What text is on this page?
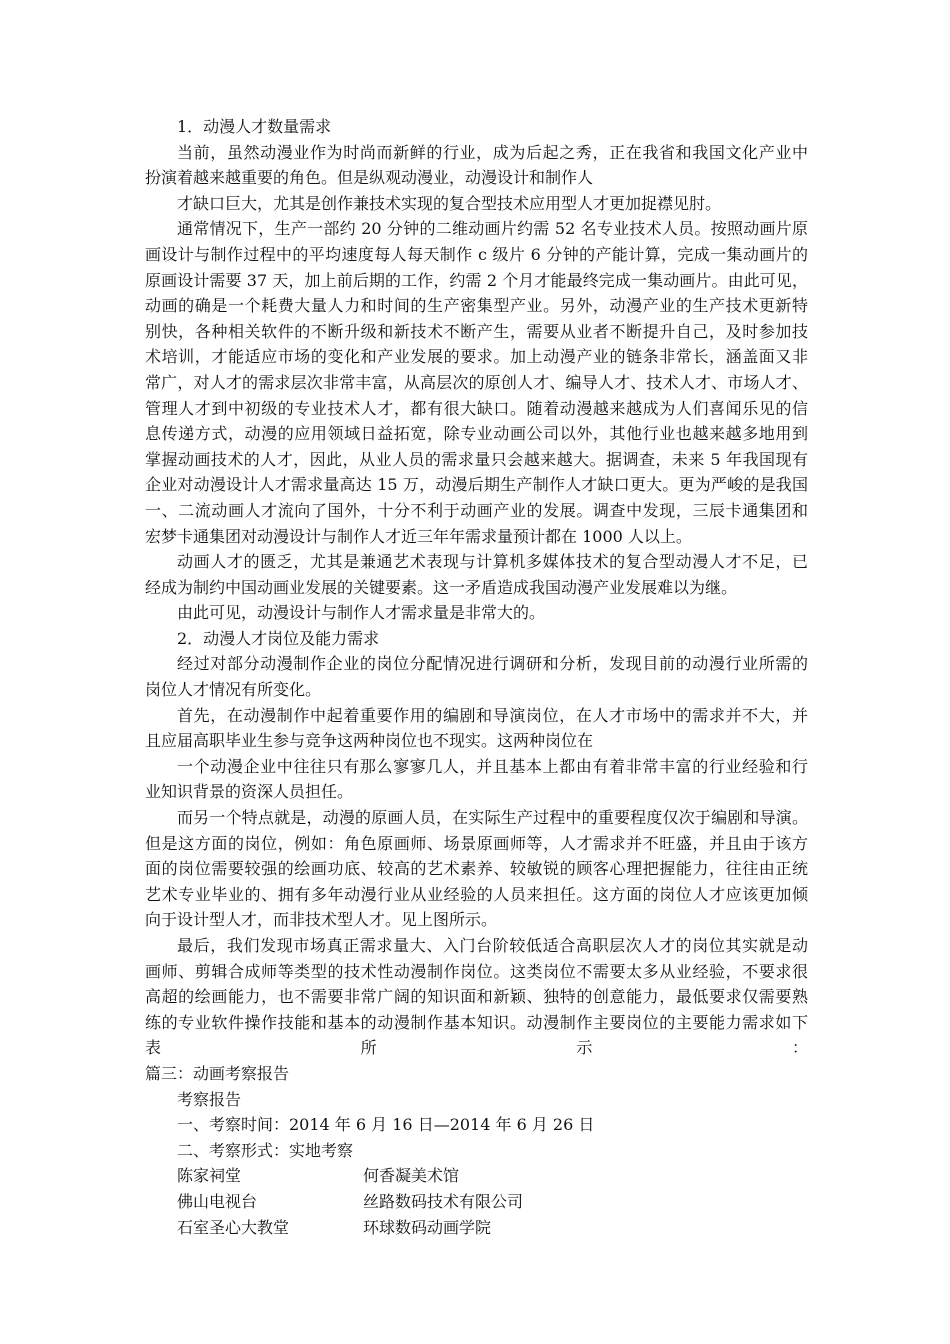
1．动漫人才数量需求
当前，虽然动漫业作为时尚而新鲜的行业，成为后起之秀，正在我省和我国文化产业中
扮演着越来越重要的角色。但是纵观动漫业，动漫设计和制作人
才缺口巨大，尤其是创作兼技术实现的复合型技术应用型人才更加捉襟见肘。
通常情况下，生产一部约 20 分钟的二维动画片约需 52 名专业技术人员。按照动画片原
画设计与制作过程中的平均速度每人每天制作 c 级片 6 分钟的产能计算，完成一集动画片的
原画设计需要 37 天，加上前后期的工作，约需 2 个月才能最终完成一集动画片。由此可见，
动画的确是一个耗费大量人力和时间的生产密集型产业。另外，动漫产业的生产技术更新特
别快，各种相关软件的不断升级和新技术不断产生，需要从业者不断提升自己，及时参加技
术培训，才能适应市场的变化和产业发展的要求。加上动漫产业的链条非常长，涵盖面又非
常广，对人才的需求层次非常丰富，从高层次的原创人才、编导人才、技术人才、市场人才、
管理人才到中初级的专业技术人才，都有很大缺口。随着动漫越来越成为人们喜闻乐见的信
息传递方式，动漫的应用领域日益拓宽，除专业动画公司以外，其他行业也越来越多地用到
掌握动画技术的人才，因此，从业人员的需求量只会越来越大。据调查，未来 5 年我国现有
企业对动漫设计人才需求量高达 15 万，动漫后期生产制作人才缺口更大。更为严峻的是我国
一、二流动画人才流向了国外，十分不利于动画产业的发展。调查中发现，三辰卡通集团和
宏梦卡通集团对动漫设计与制作人才近三年年需求量预计都在 1000 人以上。
动画人才的匮乏，尤其是兼通艺术表现与计算机多媒体技术的复合型动漫人才不足，已
经成为制约中国动画业发展的关键要素。这一矛盾造成我国动漫产业发展难以为继。
由此可见，动漫设计与制作人才需求量是非常大的。
2．动漫人才岗位及能力需求
经过对部分动漫制作企业的岗位分配情况进行调研和分析，发现目前的动漫行业所需的
岗位人才情况有所变化。
首先，在动漫制作中起着重要作用的编剧和导演岗位，在人才市场中的需求并不大，并
且应届高职毕业生参与竞争这两种岗位也不现实。这两种岗位在
一个动漫企业中往往只有那么寥寥几人，并且基本上都由有着非常丰富的行业经验和行
业知识背景的资深人员担任。
而另一个特点就是，动漫的原画人员，在实际生产过程中的重要程度仅次于编剧和导演。
但是这方面的岗位，例如：角色原画师、场景原画师等，人才需求并不旺盛，并且由于该方
面的岗位需要较强的绘画功底、较高的艺术素养、较敏锐的顾客心理把握能力，往往由正统
艺术专业毕业的、拥有多年动漫行业从业经验的人员来担任。这方面的岗位人才应该更加倾
向于设计型人才，而非技术型人才。见上图所示。
最后，我们发现市场真正需求量大、入门台阶较低适合高职层次人才的岗位其实就是动
画师、剪辑合成师等类型的技术性动漫制作岗位。这类岗位不需要太多从业经验，不要求很
高超的绘画能力，也不需要非常广阔的知识面和新颖、独特的创意能力，最低要求仅需要熟
练的专业软件操作技能和基本的动漫制作基本知识。动漫制作主要岗位的主要能力需求如下
表 所 示 ：
篇三：动画考察报告
考察报告
一、考察时间：2014 年 6 月 16 日—2014 年 6 月 26 日
二、考察形式：实地考察
陈家祠堂	何香凝美术馆
佛山电视台	丝路数码技术有限公司
石室圣心大教堂	环球数码动画学院
